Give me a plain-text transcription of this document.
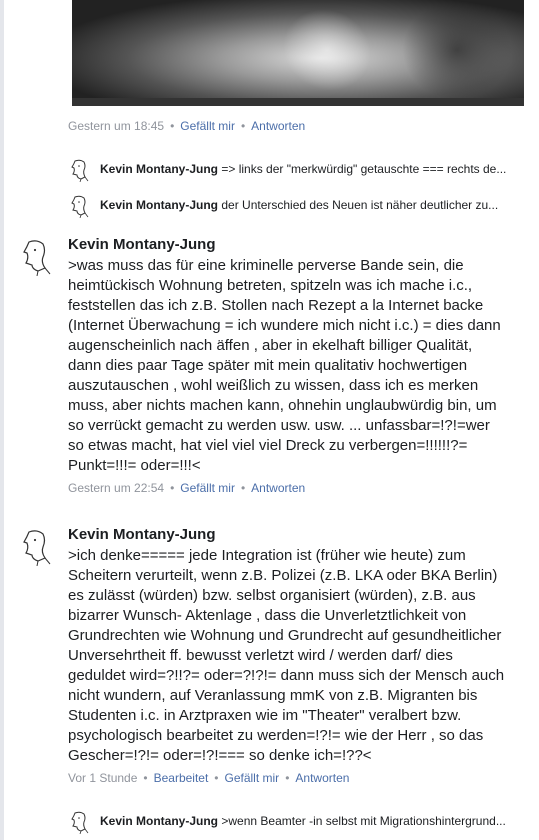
Gestern um 18:45 • Gefällt mir • Antworten
Kevin Montany-Jung => links der "merkwürdig" getauschte === rechts de...
Kevin Montany-Jung der Unterschied des Neuen ist näher deutlicher zu...
Kevin Montany-Jung
>was muss das für eine kriminelle perverse Bande sein, die
heimtückisch Wohnung betreten, spitzeln was ich mache i.c.,
feststellen das ich z.B. Stollen nach Rezept a la Internet backe
(Internet Überwachung = ich wundere mich nicht i.c.) = dies dann
augenscheinlich nach äffen , aber in ekelhaft billiger Qualität,
dann dies paar Tage später mit mein qualitativ hochwertigen
auszutauschen , wohl weißlich zu wissen, dass ich es merken
muss, aber nichts machen kann, ohnehin unglaubwürdig bin, um
so verrückt gemacht zu werden usw. usw. ... unfassbar=!?!=wer
so etwas macht, hat viel viel viel Dreck zu verbergen=!!!!!!?=
Punkt=!!!= oder=!!!<
Gestern um 22:54 • Gefällt mir • Antworten
Kevin Montany-Jung
>ich denke===== jede Integration ist (früher wie heute) zum
Scheitern verurteilt, wenn z.B. Polizei (z.B. LKA oder BKA Berlin)
es zulässt (würden) bzw. selbst organisiert (würden), z.B. aus
bizarrer Wunsch- Aktenlage , dass die Unverletztlichkeit von
Grundrechten wie Wohnung und Grundrecht auf gesundheitlicher
Unversehrtheit ff. bewusst verletzt wird / werden darf/ dies
geduldet wird=?!!?= oder=?!?!= dann muss sich der Mensch auch
nicht wundern, auf Veranlassung mmK von z.B. Migranten bis
Studenten i.c. in Arztpraxen wie im "Theater" veralbert bzw.
psychologisch bearbeitet zu werden=!?!= wie der Herr , so das
Gescher=!?!= oder=!?!=== so denke ich=!??<
Vor 1 Stunde • Bearbeitet • Gefällt mir • Antworten
Kevin Montany-Jung >wenn Beamter -in selbst mit Migrationshintergrund...
